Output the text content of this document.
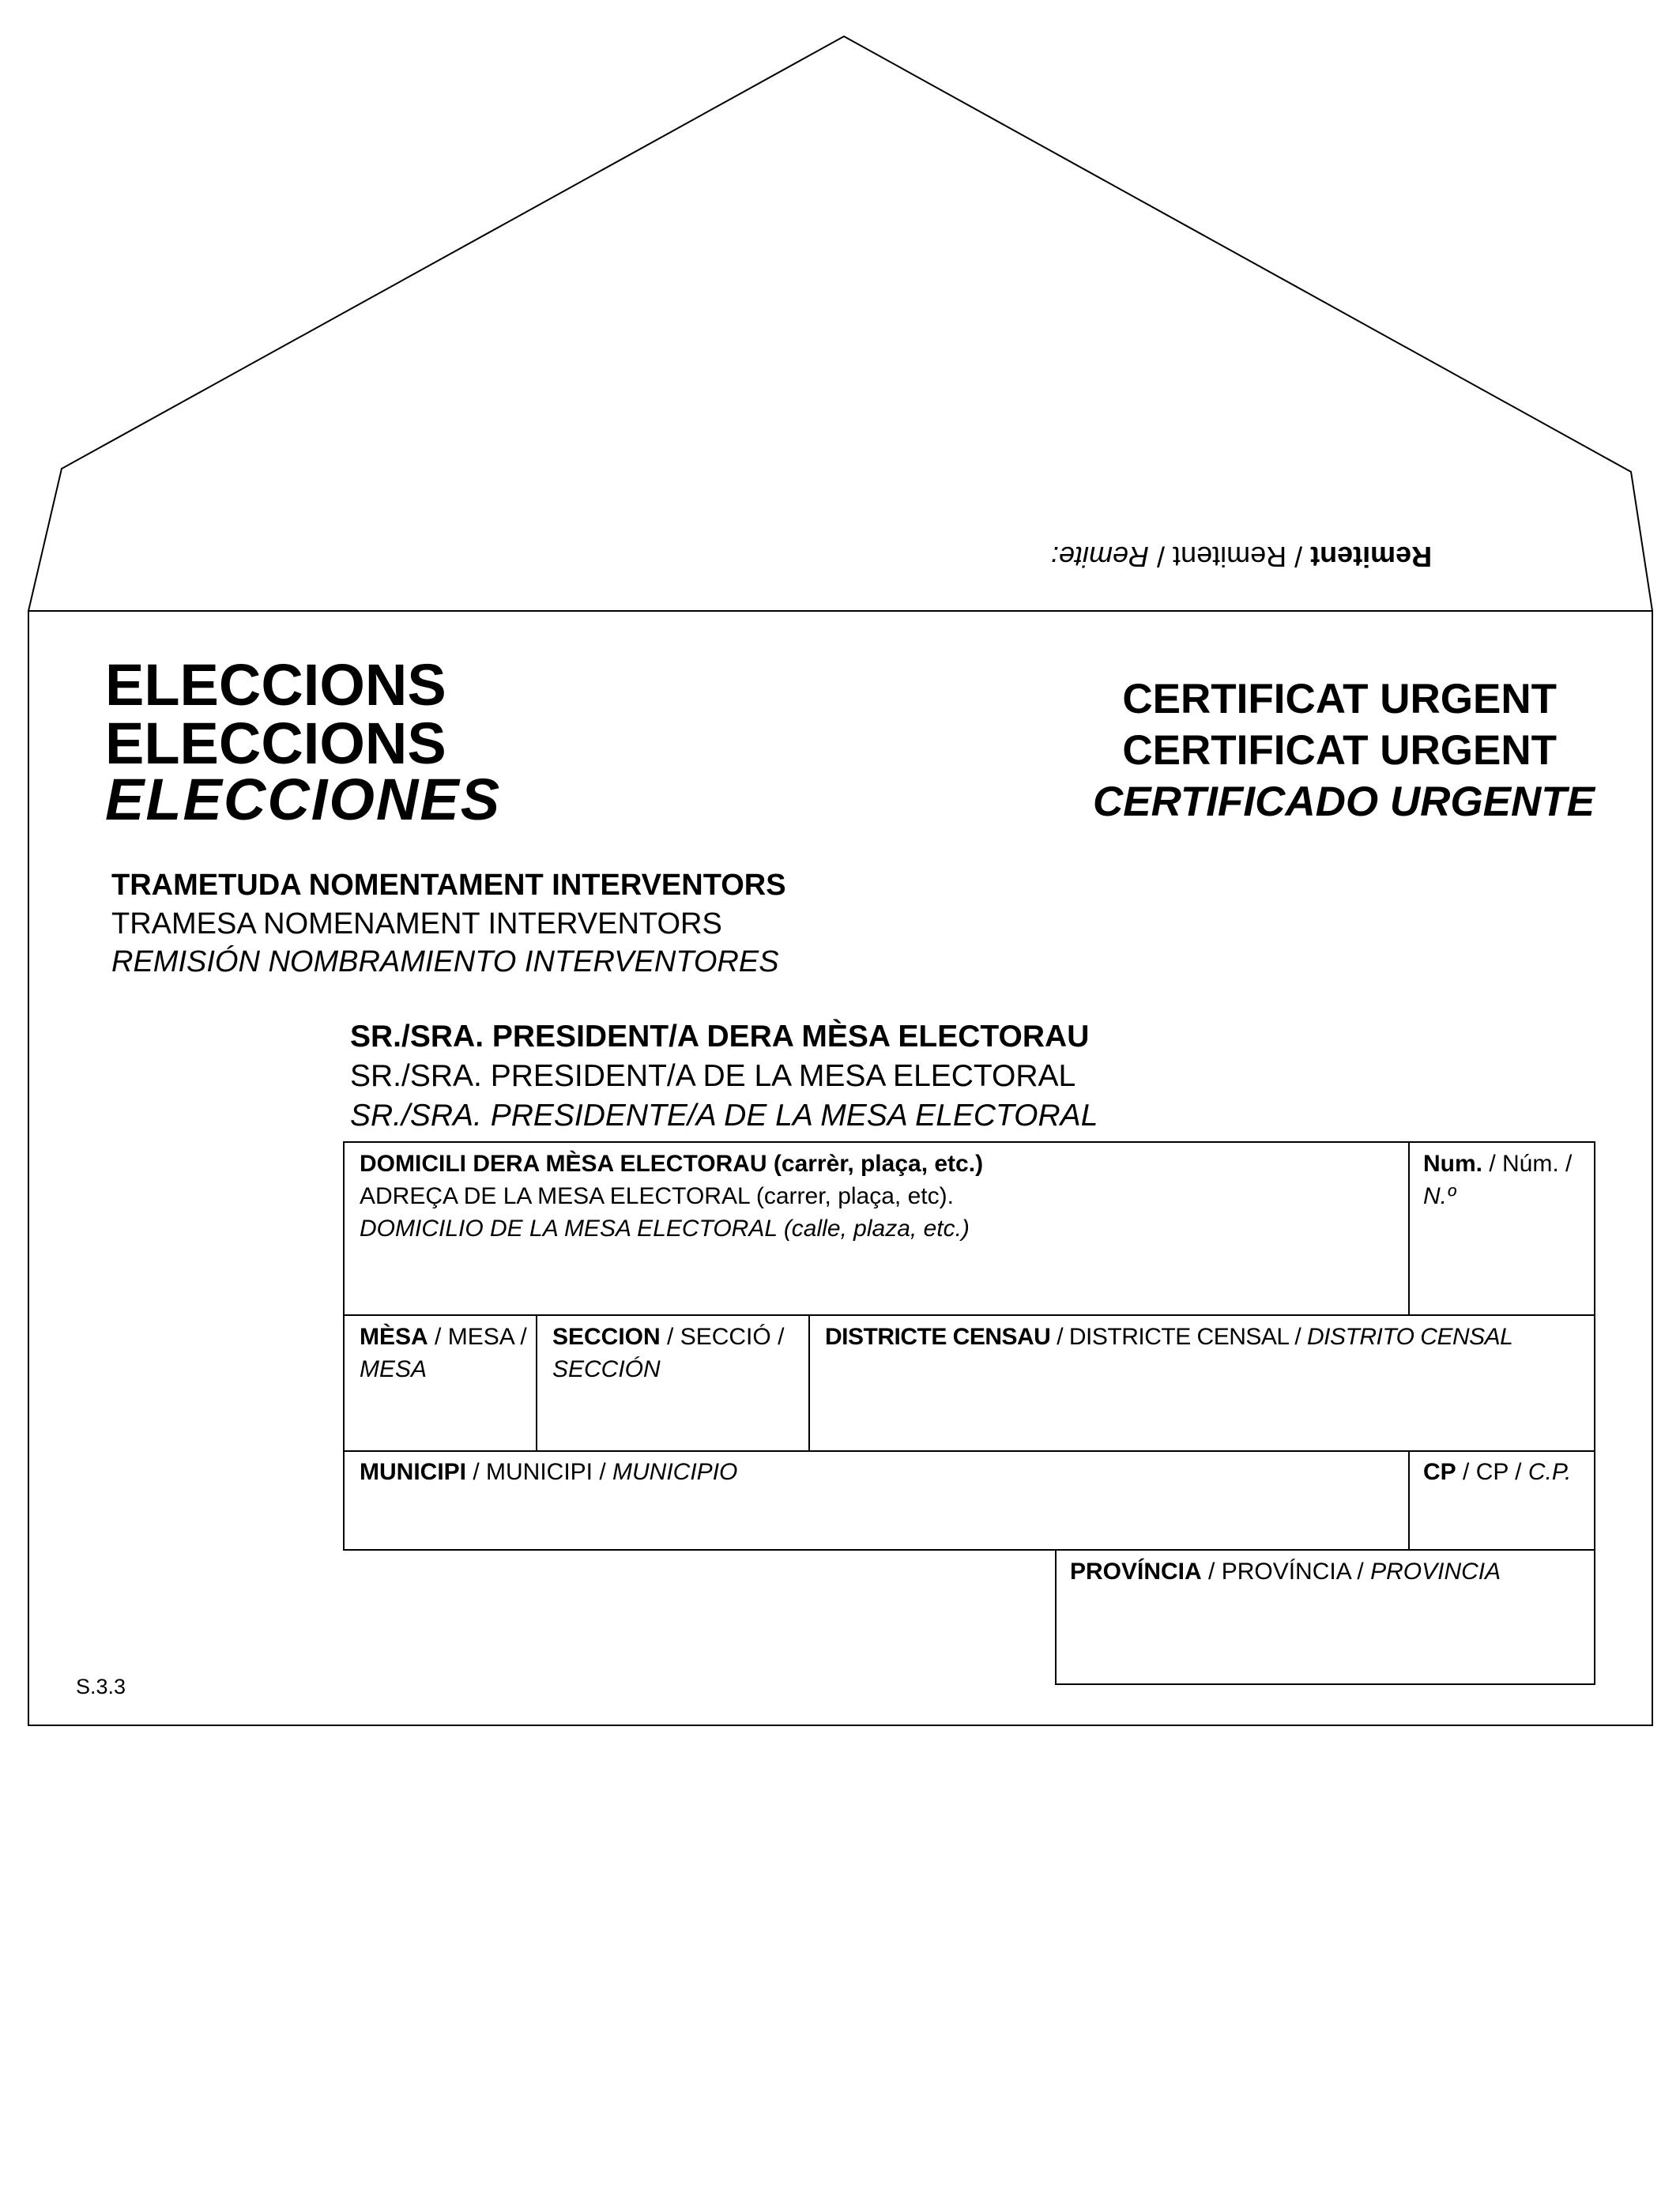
Remitent / Remitent / Remite:
ELECCIONS
ELECCIONS
ELECCIONES
CERTIFICAT URGENT
CERTIFICAT URGENT
CERTIFICADO URGENTE
TRAMETUDA NOMENTAMENT INTERVENTORS
TRAMESA NOMENAMENT INTERVENTORS
REMISIÓN NOMBRAMIENTO INTERVENTORES
SR./SRA. PRESIDENT/A DERA MÈSA ELECTORAU
SR./SRA. PRESIDENT/A DE LA MESA ELECTORAL
SR./SRA. PRESIDENTE/A DE LA MESA ELECTORAL
DOMICILI DERA MÈSA ELECTORAU (carrèr, plaça, etc.)
ADREÇA DE LA MESA ELECTORAL (carrer, plaça, etc).
DOMICILIO DE LA MESA ELECTORAL (calle, plaza, etc.)
Num. / Núm. /
N.º
MÈSA / MESA /
MESA
SECCION / SECCIÓ /
SECCIÓN
DISTRICTE CENSAU / DISTRICTE CENSAL / DISTRITO CENSAL
MUNICIPI / MUNICIPI / MUNICIPIO	CP / CP / C.P.
PROVÍNCIA / PROVÍNCIA / PROVINCIA
S.3.3
